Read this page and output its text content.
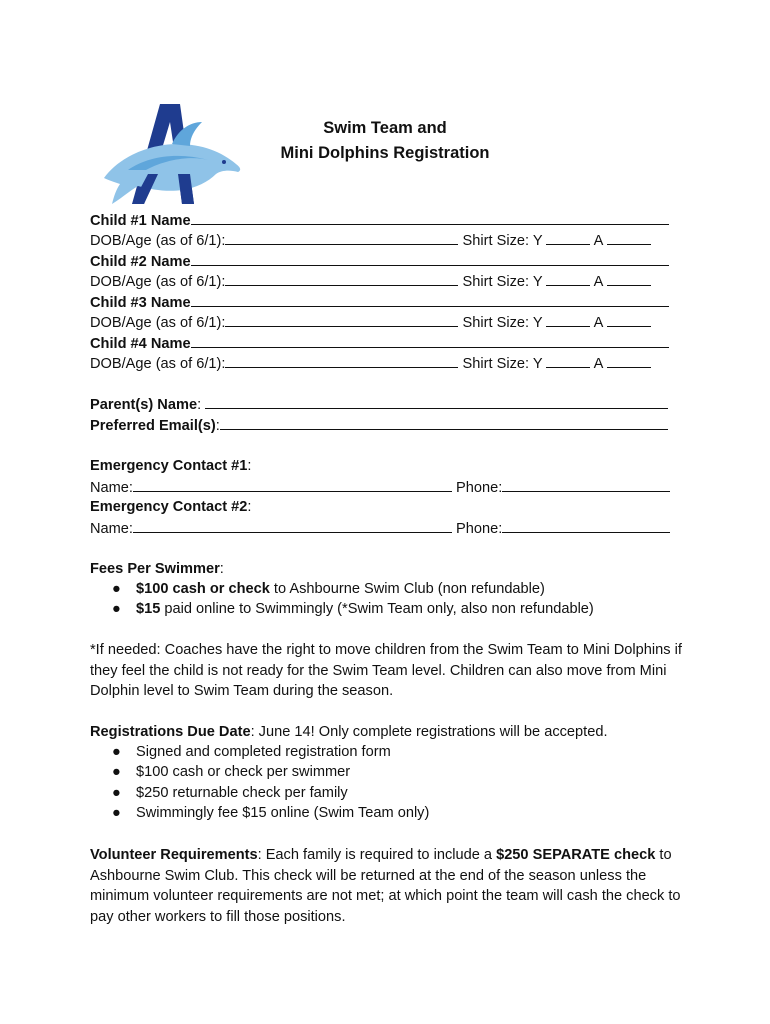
Swim Team and
Mini Dolphins Registration
Child #1 Name
DOB/Age (as of 6/1):	Shirt Size: Y	A
Child #2 Name
DOB/Age (as of 6/1):	Shirt Size: Y	A
Child #3 Name
DOB/Age (as of 6/1):	Shirt Size: Y	A
Child #4 Name
DOB/Age (as of 6/1):	Shirt Size: Y	A
Parent(s) Name:
Preferred Email(s):
Emergency Contact #1:
Name:	Phone:
Emergency Contact #2:
Name:	Phone:
Fees Per Swimmer:
● $100 cash or check to Ashbourne Swim Club (non refundable)
● $15 paid online to Swimmingly (*Swim Team only, also non refundable)
*If needed: Coaches have the right to move children from the Swim Team to Mini Dolphins if they feel the child is not ready for the Swim Team level. Children can also move from Mini Dolphin level to Swim Team during the season.
Registrations Due Date: June 14! Only complete registrations will be accepted.
● Signed and completed registration form
● $100 cash or check per swimmer
● $250 returnable check per family
● Swimmingly fee $15 online (Swim Team only)
Volunteer Requirements: Each family is required to include a $250 SEPARATE check to Ashbourne Swim Club. This check will be returned at the end of the season unless the minimum volunteer requirements are not met; at which point the team will cash the check to pay other workers to fill those positions.
